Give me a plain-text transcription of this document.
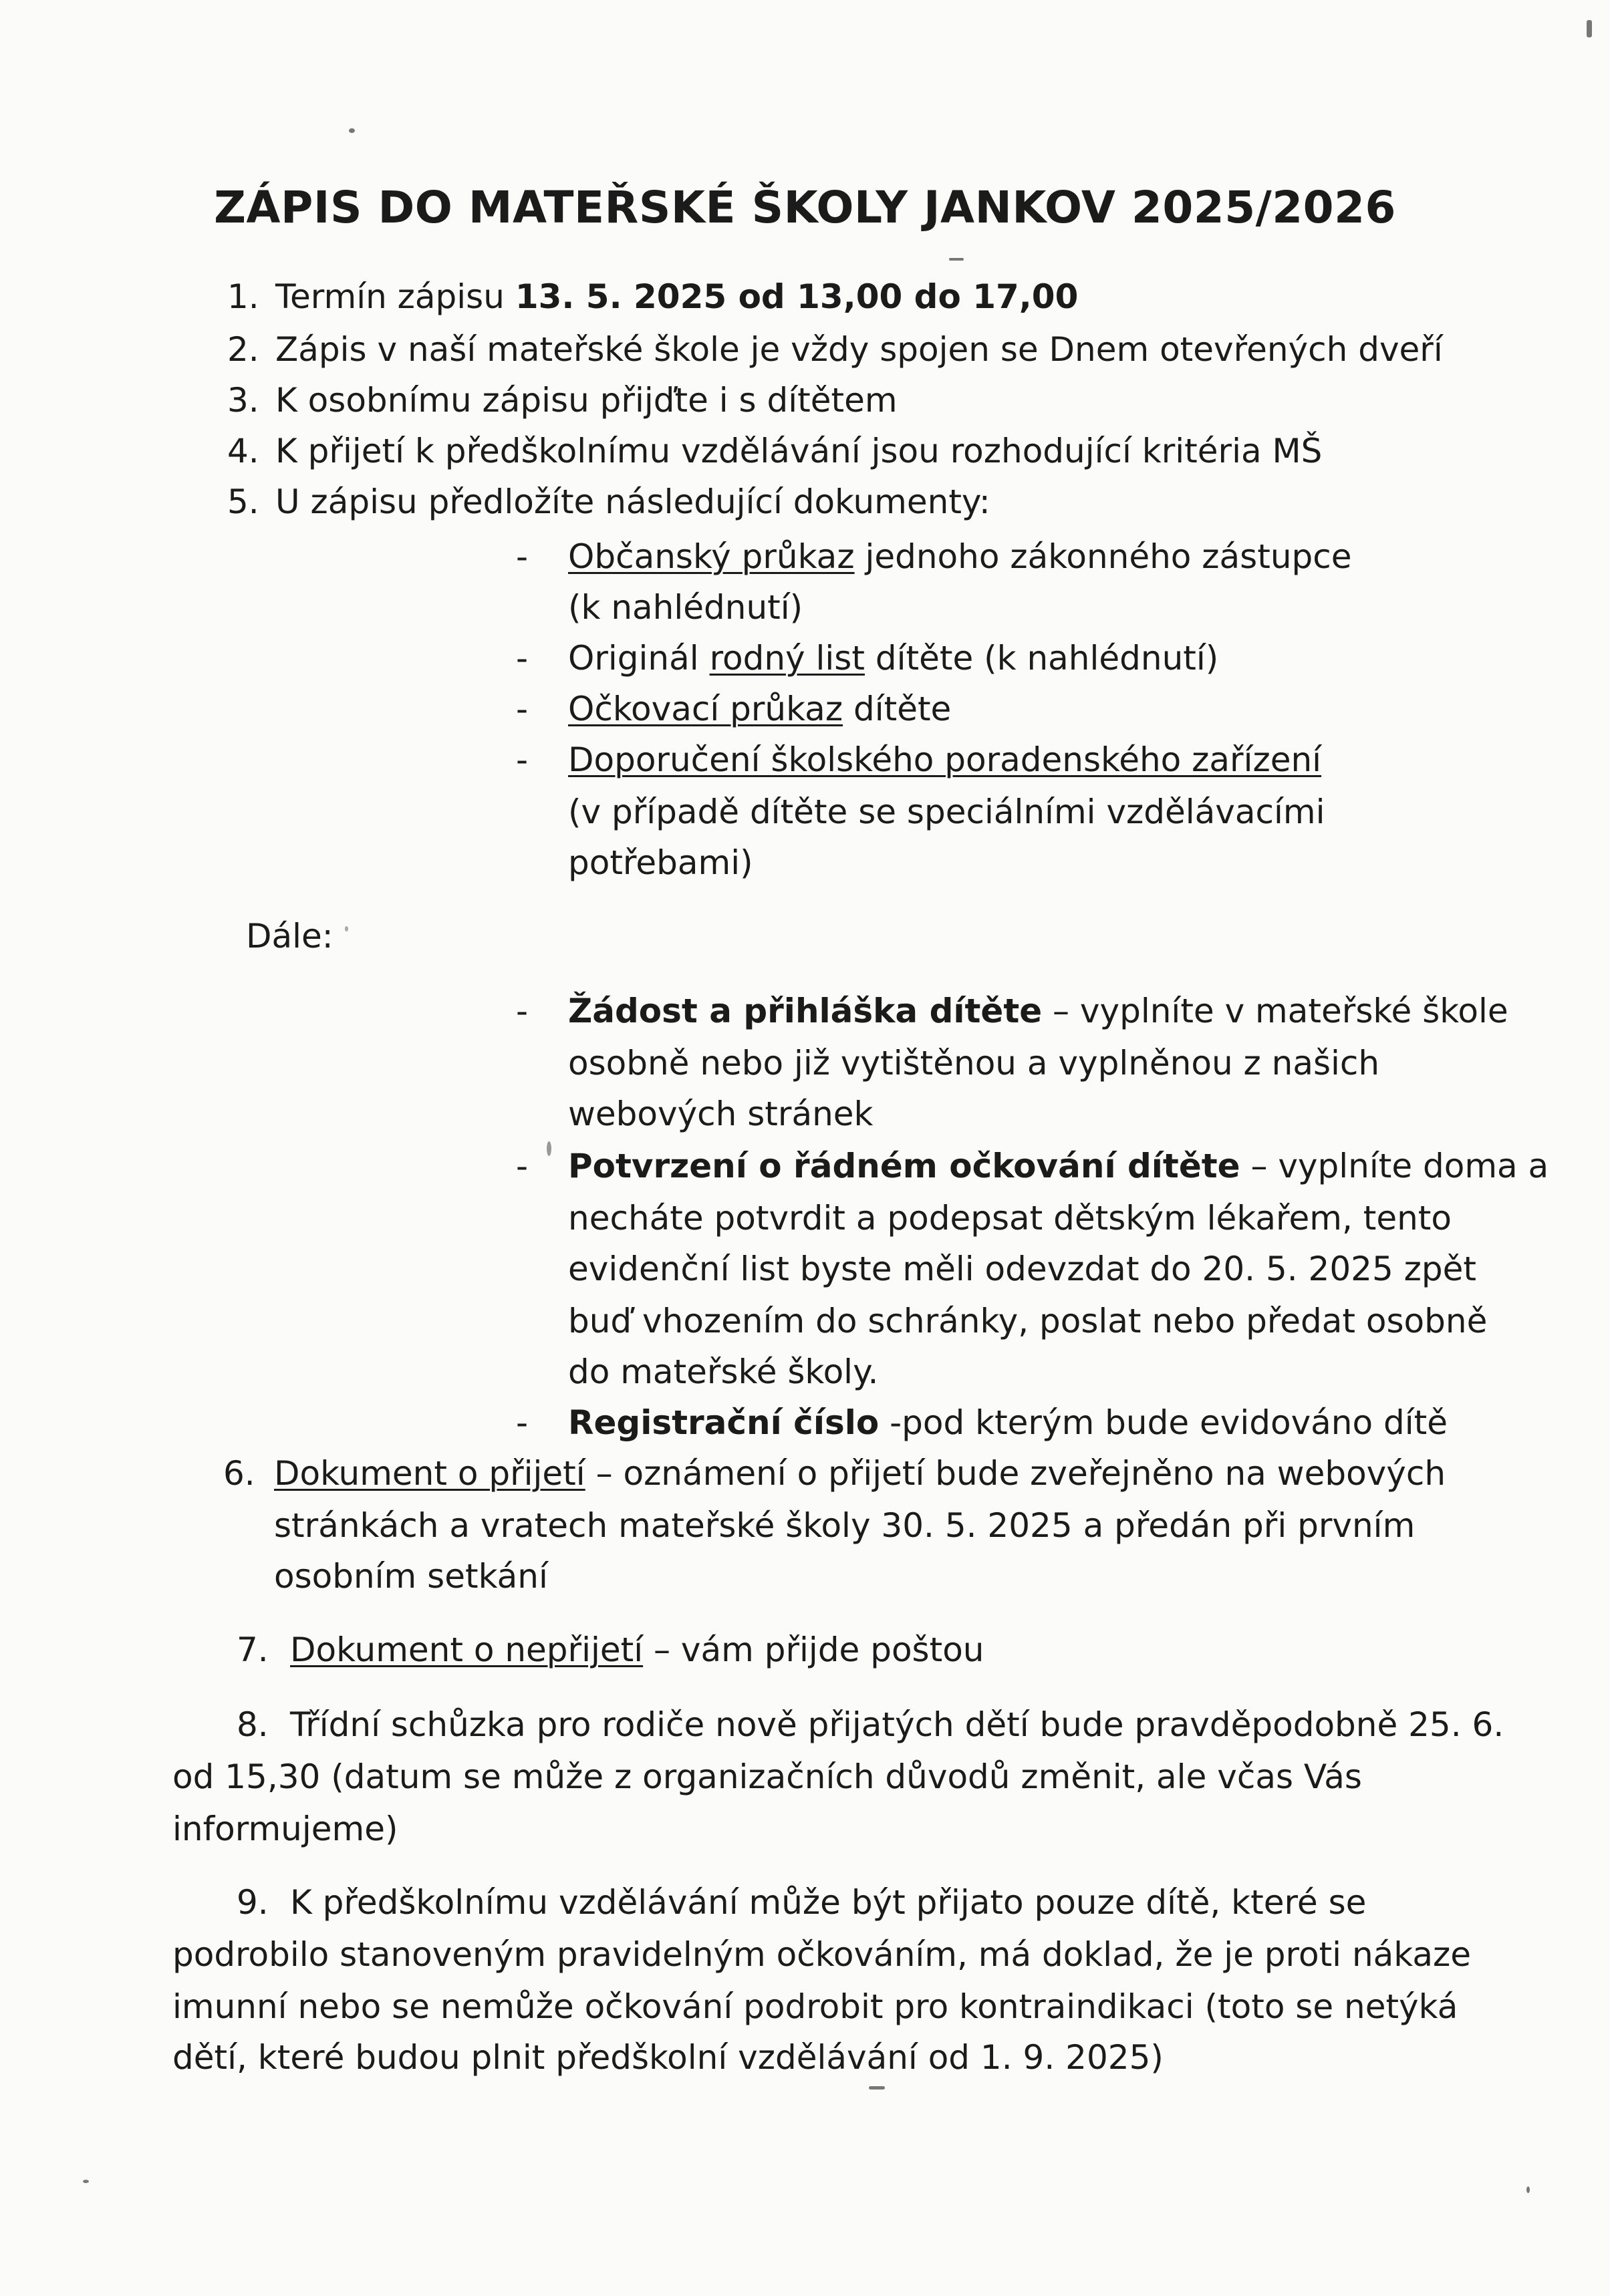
ZÁPIS DO MATEŘSKÉ ŠKOLY JANKOV 2025/2026
1. Termín zápisu 13. 5. 2025 od 13,00 do 17,00
2. Zápis v naší mateřské škole je vždy spojen se Dnem otevřených dveří
3. K osobnímu zápisu přijďte i s dítětem
4. K přijetí k předškolnímu vzdělávání jsou rozhodující kritéria MŠ
5. U zápisu předložíte následující dokumenty:
- Občanský průkaz jednoho zákonného zástupce
(k nahlédnutí)
- Originál rodný list dítěte (k nahlédnutí)
- Očkovací průkaz dítěte
- Doporučení školského poradenského zařízení
(v případě dítěte se speciálními vzdělávacími
potřebami)
Dále:
- Žádost a přihláška dítěte – vyplníte v mateřské škole
osobně nebo již vytištěnou a vyplněnou z našich
webových stránek
- Potvrzení o řádném očkování dítěte – vyplníte doma a
necháte potvrdit a podepsat dětským lékařem, tento
evidenční list byste měli odevzdat do 20. 5. 2025 zpět
buď vhozením do schránky, poslat nebo předat osobně
do mateřské školy.
- Registrační číslo -pod kterým bude evidováno dítě
6. Dokument o přijetí – oznámení o přijetí bude zveřejněno na webových
stránkách a vratech mateřské školy 30. 5. 2025 a předán při prvním
osobním setkání
7. Dokument o nepřijetí – vám přijde poštou
8. Třídní schůzka pro rodiče nově přijatých dětí bude pravděpodobně 25. 6.
od 15,30 (datum se může z organizačních důvodů změnit, ale včas Vás
informujeme)
9. K předškolnímu vzdělávání může být přijato pouze dítě, které se
podrobilo stanoveným pravidelným očkováním, má doklad, že je proti nákaze
imunní nebo se nemůže očkování podrobit pro kontraindikaci (toto se netýká
dětí, které budou plnit předškolní vzdělávání od 1. 9. 2025)
